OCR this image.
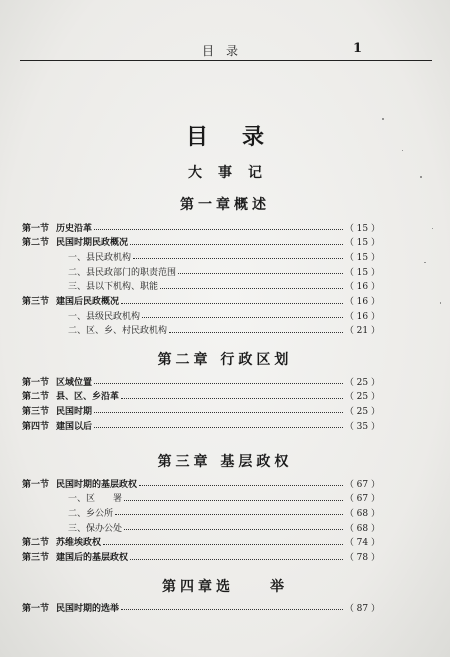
目录	1
目录
大事记
第一章概述
第一节 历史沿革	（ 15 ）
第二节 民国时期民政概况	（ 15 ）
一、县民政机构	（ 15 ）
二、县民政部门的职责范围	（ 15 ）
三、县以下机构、职能	（ 16 ）
第三节 建国后民政概况	（ 16 ）
一、县级民政机构	（ 16 ）
二、区、乡、村民政机构	（ 21 ）
第二章 行政区划
第一节 区域位置	（ 25 ）
第二节 县、区、乡沿革	（ 25 ）
第三节 民国时期	（ 25 ）
第四节 建国以后	（ 35 ）
第三章 基层政权
第一节 民国时期的基层政权	（ 67 ）
一、区　　署	（ 67 ）
二、乡公所	（ 68 ）
三、保办公处	（ 68 ）
第二节 苏维埃政权	（ 74 ）
第三节 建国后的基层政权	（ 78 ）
第四章选　　举
第一节 民国时期的选举	（ 87 ）
